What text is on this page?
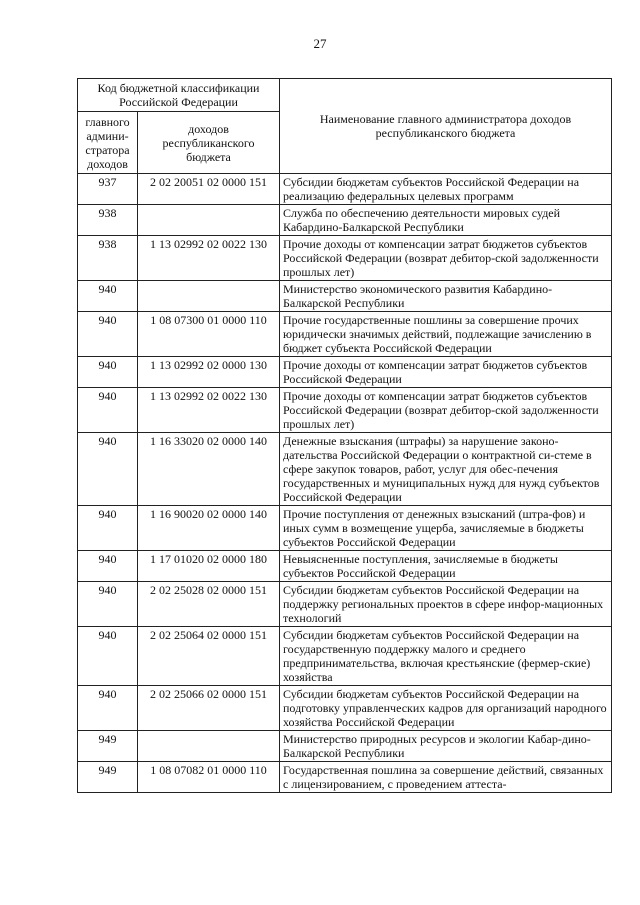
27
Код бюджетной классификации Российской Федерации		Наименование главного администратора доходов республиканского бюджета
главного админи-стратора доходов	доходов республиканского бюджета	
937	2 02 20051 02 0000 151	Субсидии бюджетам субъектов Российской Федерации на реализацию федеральных целевых программ
938		Служба по обеспечению деятельности мировых судей Кабардино-Балкарской Республики
938	1 13 02992 02 0022 130	Прочие доходы от компенсации затрат бюджетов субъектов Российской Федерации (возврат дебитор-ской задолженности прошлых лет)
940		Министерство экономического развития Кабардино-Балкарской Республики
940	1 08 07300 01 0000 110	Прочие государственные пошлины за совершение прочих юридически значимых действий, подлежащие зачислению в бюджет субъекта Российской Федерации
940	1 13 02992 02 0000 130	Прочие доходы от компенсации затрат бюджетов субъектов Российской Федерации
940	1 13 02992 02 0022 130	Прочие доходы от компенсации затрат бюджетов субъектов Российской Федерации (возврат дебитор-ской задолженности прошлых лет)
940	1 16 33020 02 0000 140	Денежные взыскания (штрафы) за нарушение законо-дательства Российской Федерации о контрактной си-стеме в сфере закупок товаров, работ, услуг для обес-печения государственных и муниципальных нужд для нужд субъектов Российской Федерации
940	1 16 90020 02 0000 140	Прочие поступления от денежных взысканий (штра-фов) и иных сумм в возмещение ущерба, зачисляемые в бюджеты субъектов Российской Федерации
940	1 17 01020 02 0000 180	Невыясненные поступления, зачисляемые в бюджеты субъектов Российской Федерации
940	2 02 25028 02 0000 151	Субсидии бюджетам субъектов Российской Федерации на поддержку региональных проектов в сфере инфор-мационных технологий
940	2 02 25064 02 0000 151	Субсидии бюджетам субъектов Российской Федерации на государственную поддержку малого и среднего предпринимательства, включая крестьянские (фермер-ские) хозяйства
940	2 02 25066 02 0000 151	Субсидии бюджетам субъектов Российской Федерации на подготовку управленческих кадров для организаций народного хозяйства Российской Федерации
949		Министерство природных ресурсов и экологии Кабар-дино-Балкарской Республики
949	1 08 07082 01 0000 110	Государственная пошлина за совершение действий, связанных с лицензированием, с проведением аттеста-
